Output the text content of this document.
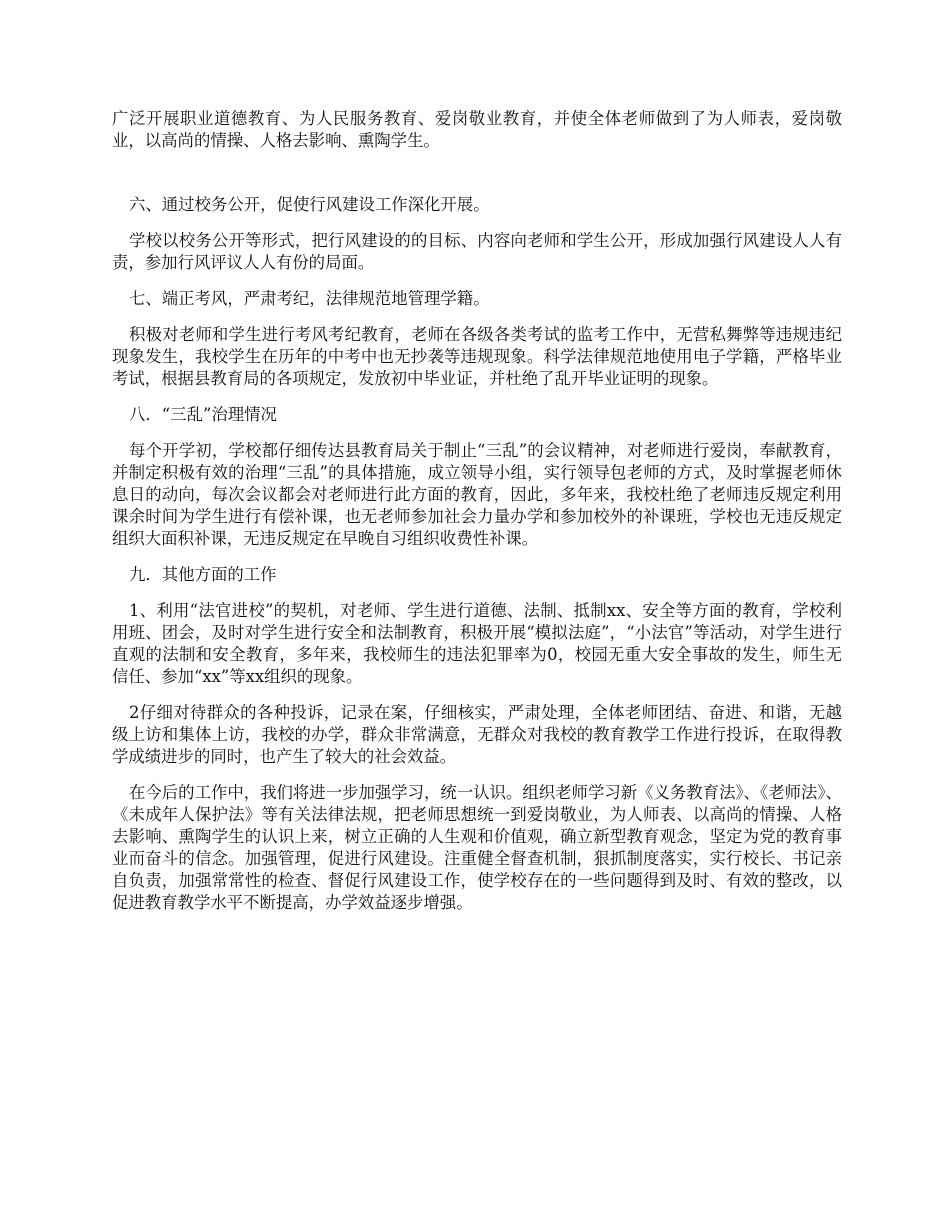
广泛开展职业道德教育、为人民服务教育、爱岗敬业教育，并使全体老师做到了为人师表，爱岗敬业，以高尚的情操、人格去影响、熏陶学生。

六、通过校务公开，促使行风建设工作深化开展。

学校以校务公开等形式，把行风建设的的目标、内容向老师和学生公开，形成加强行风建设人人有责，参加行风评议人人有份的局面。

七、端正考风，严肃考纪，法律规范地管理学籍。

积极对老师和学生进行考风考纪教育，老师在各级各类考试的监考工作中，无营私舞弊等违规违纪现象发生，我校学生在历年的中考中也无抄袭等违规现象。科学法律规范地使用电子学籍，严格毕业考试，根据县教育局的各项规定，发放初中毕业证，并杜绝了乱开毕业证明的现象。

八．“三乱”治理情况

每个开学初，学校都仔细传达县教育局关于制止“三乱”的会议精神，对老师进行爱岗，奉献教育，并制定积极有效的治理“三乱”的具体措施，成立领导小组，实行领导包老师的方式，及时掌握老师休息日的动向，每次会议都会对老师进行此方面的教育，因此，多年来，我校杜绝了老师违反规定利用课余时间为学生进行有偿补课，也无老师参加社会力量办学和参加校外的补课班，学校也无违反规定组织大面积补课，无违反规定在早晚自习组织收费性补课。

九．其他方面的工作

1、利用“法官进校”的契机，对老师、学生进行道德、法制、抵制xx、安全等方面的教育，学校利用班、团会，及时对学生进行安全和法制教育，积极开展“模拟法庭”，“小法官”等活动，对学生进行直观的法制和安全教育，多年来，我校师生的违法犯罪率为0，校园无重大安全事故的发生，师生无信任、参加“xx”等xx组织的现象。

2仔细对待群众的各种投诉，记录在案，仔细核实，严肃处理，全体老师团结、奋进、和谐，无越级上访和集体上访，我校的办学，群众非常满意，无群众对我校的教育教学工作进行投诉，在取得教学成绩进步的同时，也产生了较大的社会效益。

在今后的工作中，我们将进一步加强学习，统一认识。组织老师学习新《义务教育法》、《老师法》、《未成年人保护法》等有关法律法规，把老师思想统一到爱岗敬业，为人师表、以高尚的情操、人格去影响、熏陶学生的认识上来，树立正确的人生观和价值观，确立新型教育观念，坚定为党的教育事业而奋斗的信念。加强管理，促进行风建设。注重健全督查机制，狠抓制度落实，实行校长、书记亲自负责，加强常常性的检查、督促行风建设工作，使学校存在的一些问题得到及时、有效的整改，以促进教育教学水平不断提高，办学效益逐步增强。
